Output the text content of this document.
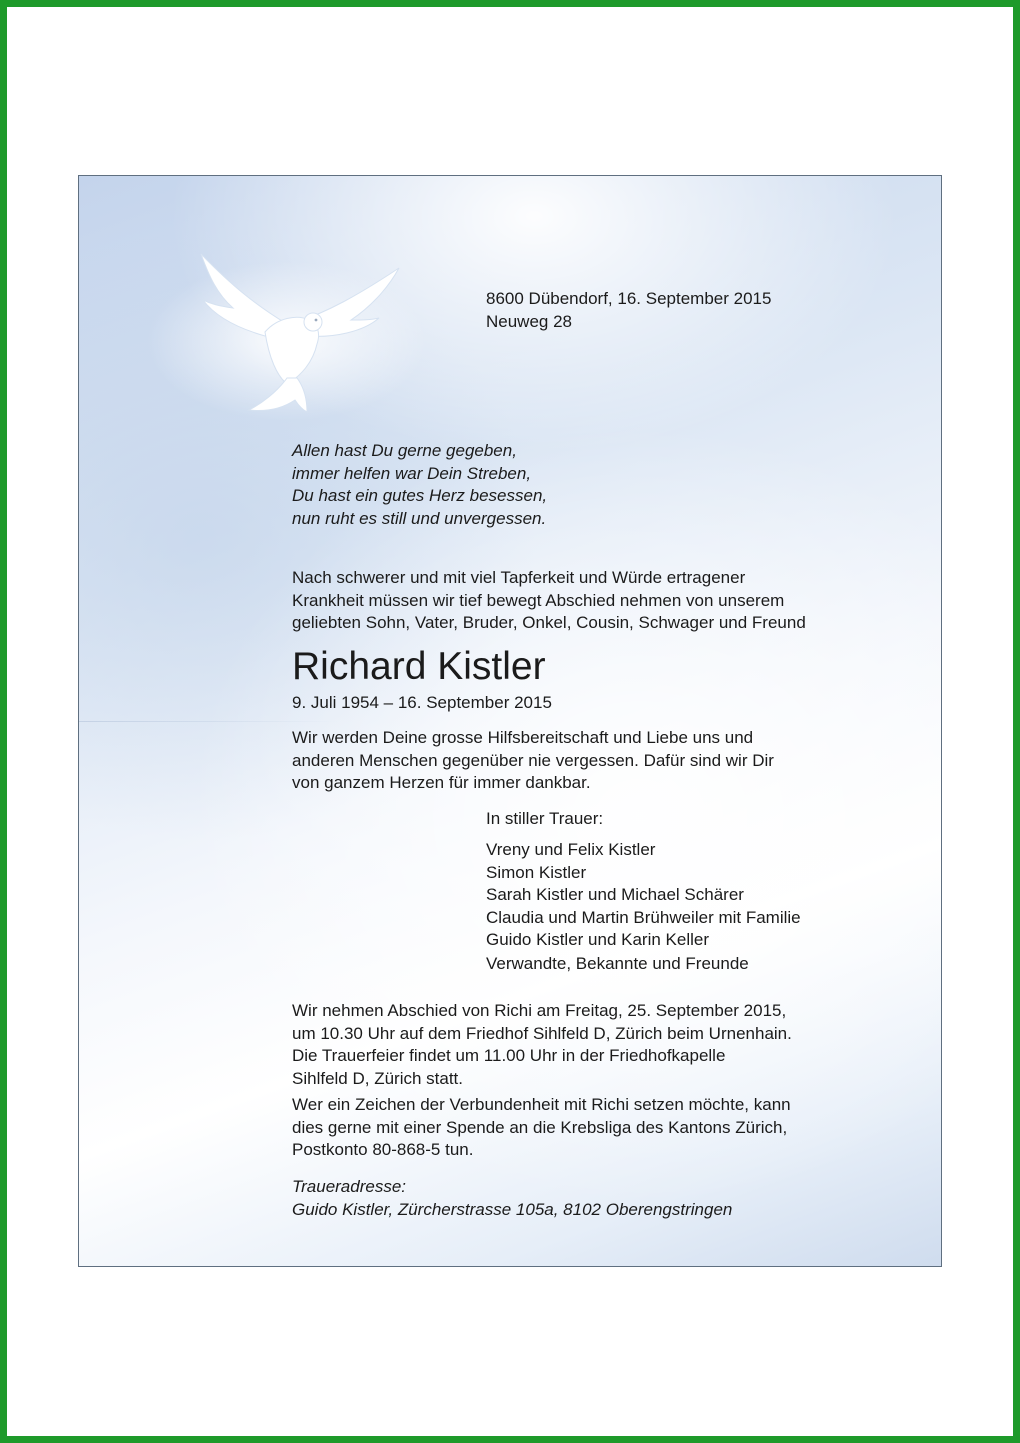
8600 Dübendorf, 16. September 2015
Neuweg 28
Allen hast Du gerne gegeben,
immer helfen war Dein Streben,
Du hast ein gutes Herz besessen,
nun ruht es still und unvergessen.
Nach schwerer und mit viel Tapferkeit und Würde ertragener
Krankheit müssen wir tief bewegt Abschied nehmen von unserem
geliebten Sohn, Vater, Bruder, Onkel, Cousin, Schwager und Freund
Richard Kistler
9. Juli 1954 – 16. September 2015
Wir werden Deine grosse Hilfsbereitschaft und Liebe uns und
anderen Menschen gegenüber nie vergessen. Dafür sind wir Dir
von ganzem Herzen für immer dankbar.
In stiller Trauer:
Vreny und Felix Kistler
Simon Kistler
Sarah Kistler und Michael Schärer
Claudia und Martin Brühweiler mit Familie
Guido Kistler und Karin Keller
Verwandte, Bekannte und Freunde
Wir nehmen Abschied von Richi am Freitag, 25. September 2015,
um 10.30 Uhr auf dem Friedhof Sihlfeld D, Zürich beim Urnenhain.
Die Trauerfeier findet um 11.00 Uhr in der Friedhofkapelle
Sihlfeld D, Zürich statt.
Wer ein Zeichen der Verbundenheit mit Richi setzen möchte, kann
dies gerne mit einer Spende an die Krebsliga des Kantons Zürich,
Postkonto 80-868-5 tun.
Traueradresse:
Guido Kistler, Zürcherstrasse 105a, 8102 Oberengstringen
